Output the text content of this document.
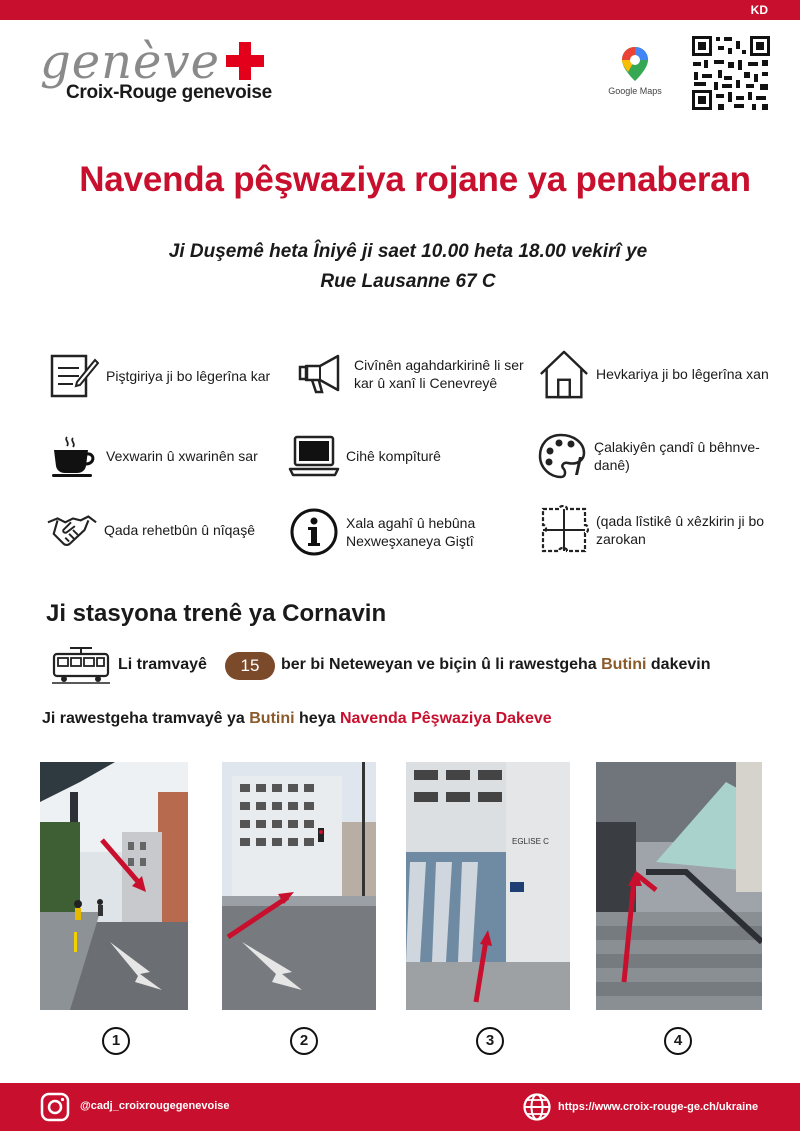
KD
genève
Croix-Rouge genevoise	Google Maps
Navenda pêşwaziya rojane ya penaberan
Ji Duşemê heta Îniyê ji saet 10.00 heta 18.00 vekirî ye
Rue Lausanne 67 C
Piştgiriya ji bo lêgerîna kar
Civînên agahdarkirinê li ser kar û xanî li Cenevreyê
Hevkariya ji bo lêgerîna xan
Vexwarin û xwarinên sar	Cihê kompîturê
Çalakiyên çandî û bêhnve-danê)
Qada rehetbûn û nîqaşê	Xala agahî û hebûna Nexweşxaneya Giştî
(qada lîstikê û xêzkirin ji bo zarokan
Ji stasyona trenê ya Cornavin
Li tramvayê	15	ber bi Neteweyan ve biçin û li rawestgeha Butini dakevin
Ji rawestgeha tramvayê ya Butini heya Navenda Pêşwaziya Dakeve
EGLISE C
1	2	3	4
@cadj_croixrougegenevoise	https://www.croix-rouge-ge.ch/ukraine
